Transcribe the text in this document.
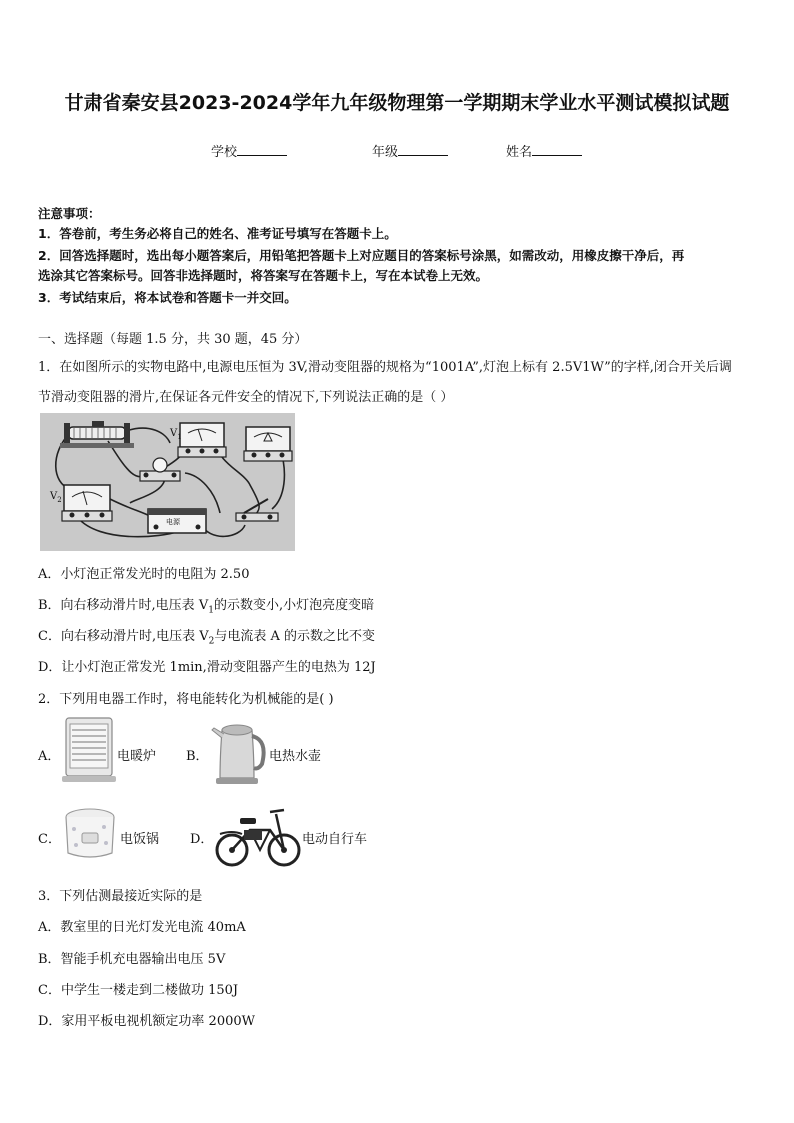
甘肃省秦安县2023-2024学年九年级物理第一学期期末学业水平测试模拟试题
学校	年级	姓名
注意事项：
1．答卷前，考生务必将自己的姓名、准考证号填写在答题卡上。
2．回答选择题时，选出每小题答案后，用铅笔把答题卡上对应题目的答案标号涂黑，如需改动，用橡皮擦干净后，再
选涂其它答案标号。回答非选择题时，将答案写在答题卡上，写在本试卷上无效。
3．考试结束后，将本试卷和答题卡一并交回。
一、选择题（每题 1.5 分，共 30 题，45 分）
1．在如图所示的实物电路中,电源电压恒为 3V,滑动变阻器的规格为“1001A”,灯泡上标有 2.5V1W”的字样,闭合开关后调
节滑动变阻器的滑片,在保证各元件安全的情况下,下列说法正确的是（ ）
$V_1$
$V_2$
电源
A．小灯泡正常发光时的电阻为 2.50
B．向右移动滑片时,电压表 $V_1$的示数变小,小灯泡亮度变暗
C．向右移动滑片时,电压表 $V_2$与电流表 A 的示数之比不变
D．让小灯泡正常发光 1min,滑动变阻器产生的电热为 12J
2．下列用电器工作时，将电能转化为机械能的是( )
A．	电暖炉 B．	电热水壶
C．	电饭锅 D．	电动自行车
3．下列估测最接近实际的是
A．教室里的日光灯发光电流 40mA
B．智能手机充电器输出电压 5V
C．中学生一楼走到二楼做功 150J
D．家用平板电视机额定功率 2000W
